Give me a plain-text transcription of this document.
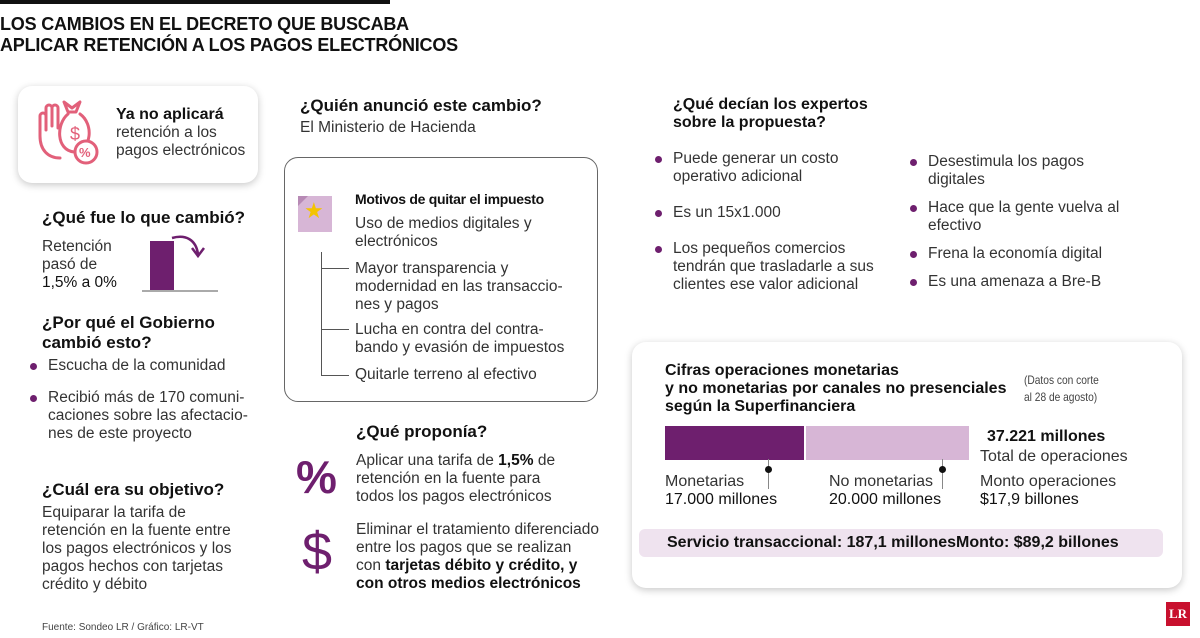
LOS CAMBIOS EN EL DECRETO QUE BUSCABA
APLICAR RETENCIÓN A LOS PAGOS ELECTRÓNICOS
$
%
Ya no aplicará
retención a los
pagos electrónicos
¿Qué fue lo que cambió?
Retención
pasó de
1,5% a 0%
¿Por qué el Gobierno
cambió esto?
Escucha de la comunidad
Recibió más de 170 comuni-
caciones sobre las afectacio-
nes de este proyecto
¿Cuál era su objetivo?
Equiparar la tarifa de
retención en la fuente entre
los pagos electrónicos y los
pagos hechos con tarjetas
crédito y débito
Fuente: Sondeo LR / Gráfico: LR-VT
¿Quién anunció este cambio?
El Ministerio de Hacienda
★ Motivos de quitar el impuesto
Uso de medios digitales y
electrónicos
Mayor transparencia y
modernidad en las transaccio-
nes y pagos
Lucha en contra del contra-
bando y evasión de impuestos
Quitarle terreno al efectivo
¿Qué proponía?
% Aplicar una tarifa de 1,5% de
retención en la fuente para
todos los pagos electrónicos
$ Eliminar el tratamiento diferenciado
entre los pagos que se realizan
con tarjetas débito y crédito, y
con otros medios electrónicos
¿Qué decían los expertos
sobre la propuesta?
Puede generar un costo
operativo adicional
Es un 15x1.000
Los pequeños comercios
tendrán que trasladarle a sus
clientes ese valor adicional
Desestimula los pagos
digitales
Hace que la gente vuelva al
efectivo
Frena la economía digital
Es una amenaza a Bre-B
Cifras operaciones monetarias
y no monetarias por canales no presenciales
según la Superfinanciera
(Datos con corte
al 28 de agosto)
Monetarias
17.000 millones
No monetarias
20.000 millones
37.221 millones
Total de operaciones
Monto operaciones
$17,9 billones
Servicio transaccional: 187,1 millones Monto: $89,2 billones
LR
